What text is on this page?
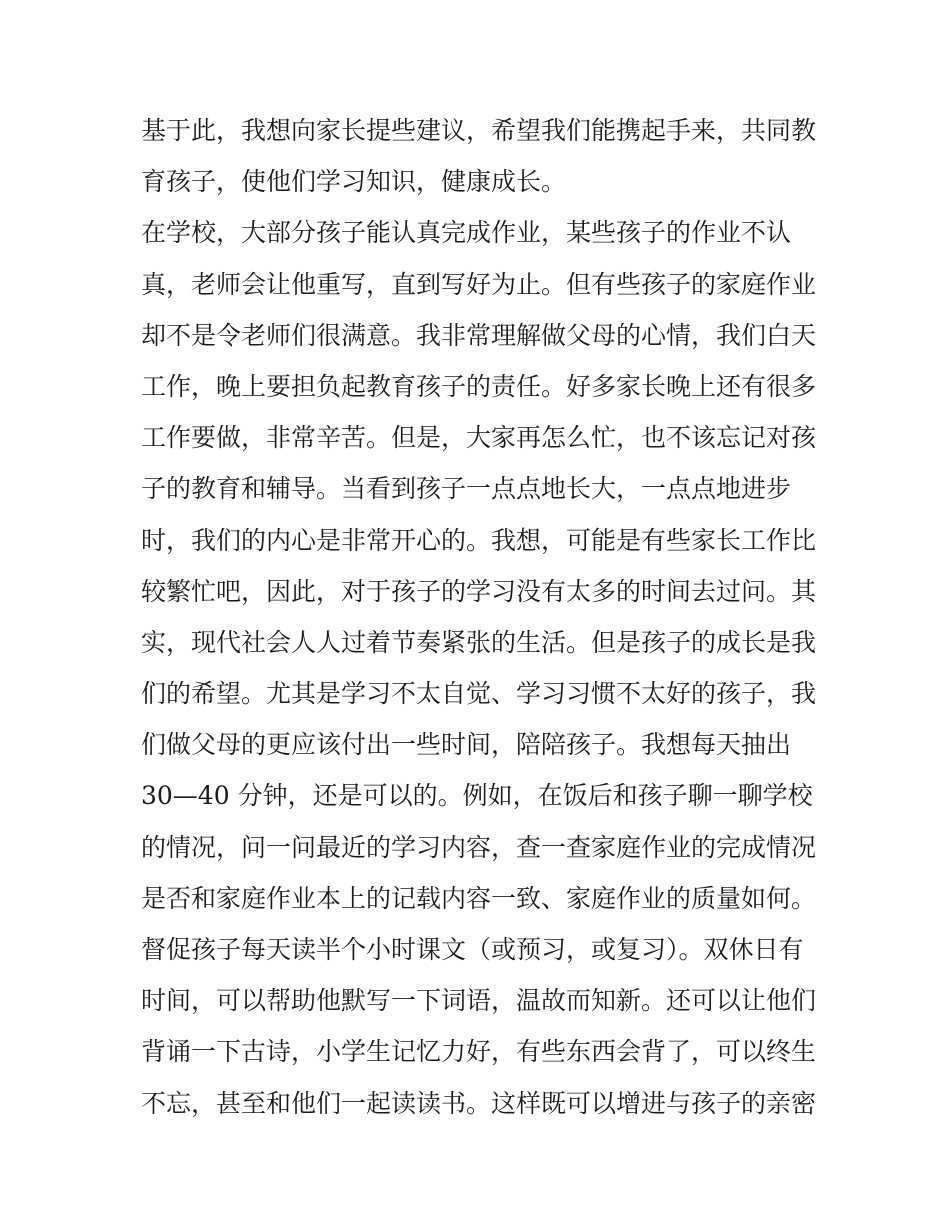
基于此，我想向家长提些建议，希望我们能携起手来，共同教
育孩子，使他们学习知识，健康成长。
在学校，大部分孩子能认真完成作业，某些孩子的作业不认
真，老师会让他重写，直到写好为止。但有些孩子的家庭作业
却不是令老师们很满意。我非常理解做父母的心情，我们白天
工作，晚上要担负起教育孩子的责任。好多家长晚上还有很多
工作要做，非常辛苦。但是，大家再怎么忙，也不该忘记对孩
子的教育和辅导。当看到孩子一点点地长大，一点点地进步
时，我们的内心是非常开心的。我想，可能是有些家长工作比
较繁忙吧，因此，对于孩子的学习没有太多的时间去过问。其
实，现代社会人人过着节奏紧张的生活。但是孩子的成长是我
们的希望。尤其是学习不太自觉、学习习惯不太好的孩子，我
们做父母的更应该付出一些时间，陪陪孩子。我想每天抽出
30—40 分钟，还是可以的。例如，在饭后和孩子聊一聊学校
的情况，问一问最近的学习内容，查一查家庭作业的完成情况
是否和家庭作业本上的记载内容一致、家庭作业的质量如何。
督促孩子每天读半个小时课文（或预习，或复习）。双休日有
时间，可以帮助他默写一下词语，温故而知新。还可以让他们
背诵一下古诗，小学生记忆力好，有些东西会背了，可以终生
不忘，甚至和他们一起读读书。这样既可以增进与孩子的亲密
